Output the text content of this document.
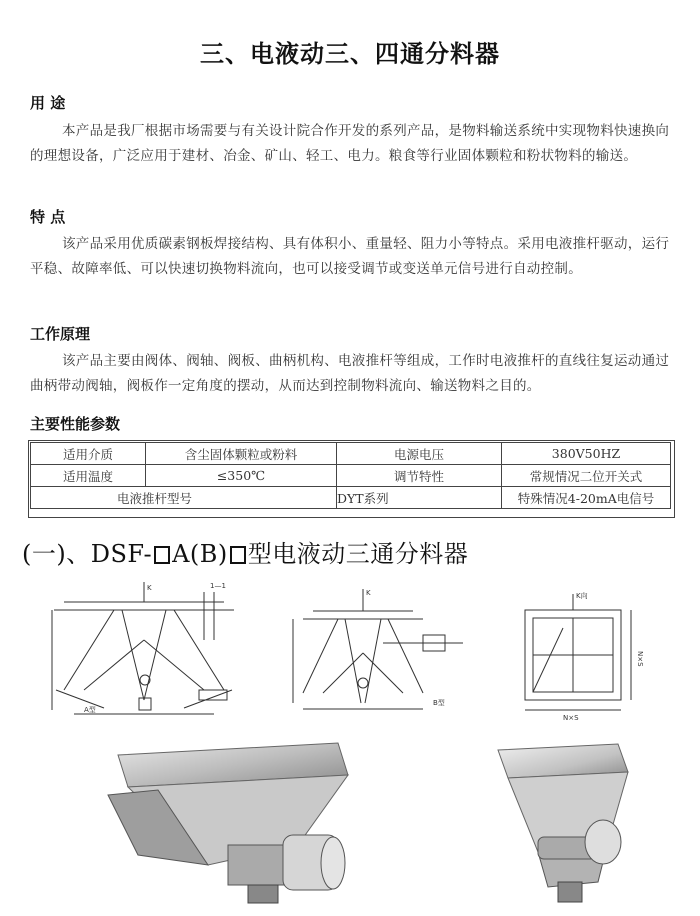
三、电液动三、四通分料器
用 途
本产品是我厂根据市场需要与有关设计院合作开发的系列产品，是物料输送系统中实现物料快速换向的理想设备，广泛应用于建材、冶金、矿山、轻工、电力。粮食等行业固体颗粒和粉状物料的输送。
特 点
该产品采用优质碳素钢板焊接结构、具有体积小、重量轻、阻力小等特点。采用电液推杆驱动，运行平稳、故障率低、可以快速切换物料流向，也可以接受调节或变送单元信号进行自动控制。
工作原理
该产品主要由阀体、阀轴、阀板、曲柄机构、电液推杆等组成，工作时电液推杆的直线往复运动通过曲柄带动阀轴，阀板作一定角度的摆动，从而达到控制物料流向、输送物料之目的。
主要性能参数
适用介质	含尘固体颗粒或粉料	电源电压	380V50HZ
适用温度	≤350℃	调节特性	常规情况二位开关式
电液推杆型号		DYT系列	特殊情况4-20mA电信号
(一)、DSF- A(B) 型电液动三通分料器
K	1—1
A型
K
B型
K向
N×S
N×S
